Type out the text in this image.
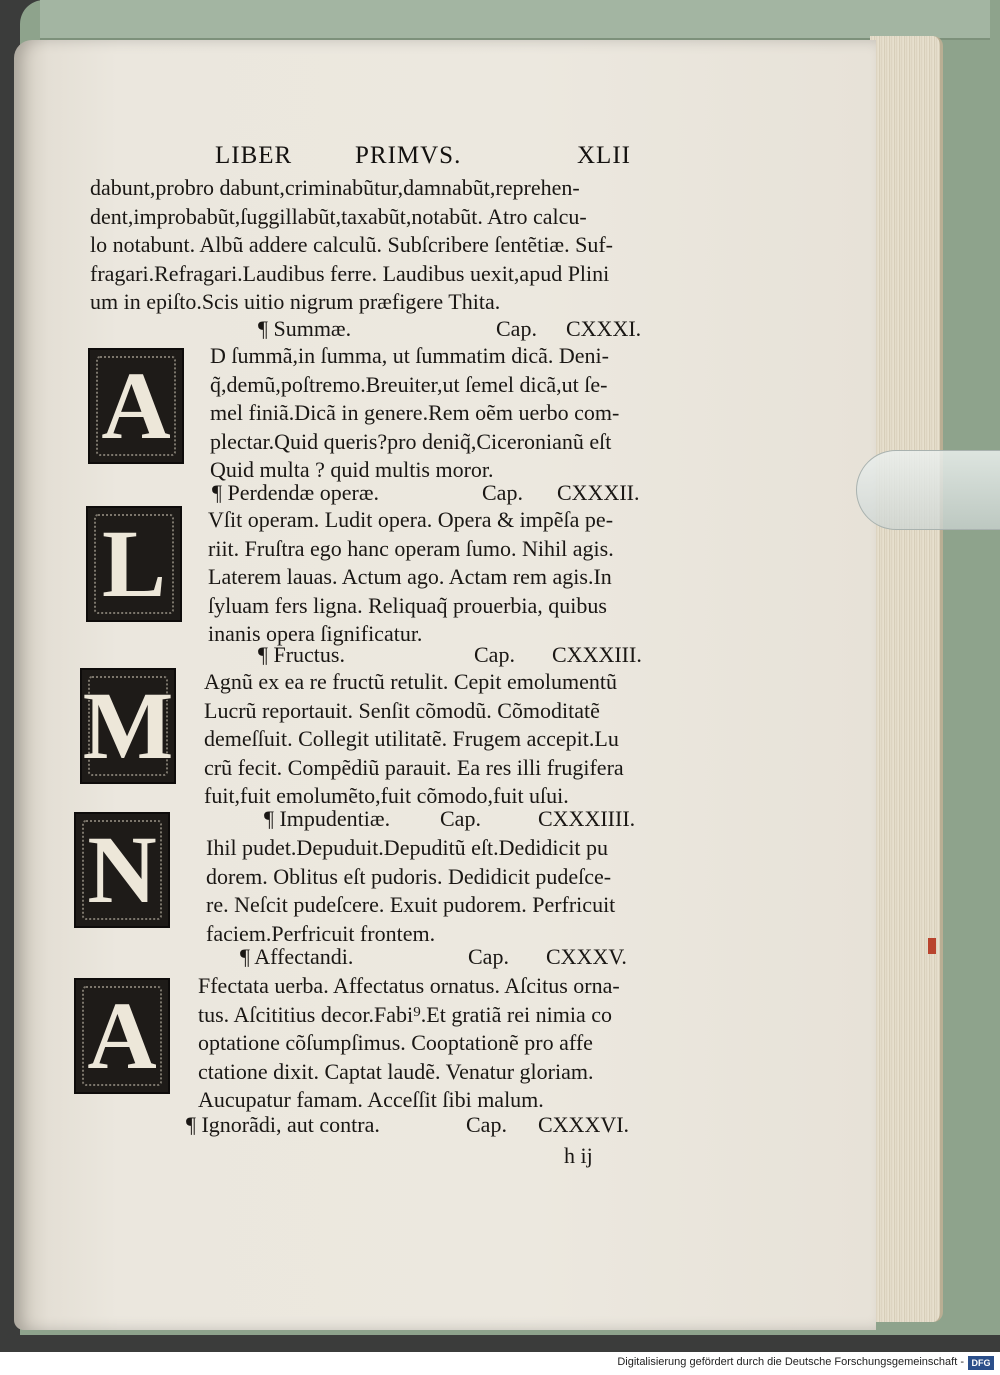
LIBER	PRIMVS.	XLII
dabunt,probro dabunt,criminabũtur,damnabũt,reprehen-
dent,improbabũt,ſuggillabũt,taxabũt,notabũt. Atro calcu-
lo notabunt. Albũ addere calculũ. Subſcribere ſentẽtiæ. Suf-
fragari.Refragari.Laudibus ferre. Laudibus uexit,apud Plini
um in epiſto.Scis uitio nigrum præfigere Thita.
¶ Summæ.	Cap. CXXXI.
A	D ſummã,in ſumma, ut ſummatim dicã. Deni-
q̃,demũ,poſtremo.Breuiter,ut ſemel dicã,ut ſe-
mel finiã.Dicã in genere.Rem oẽm uerbo com-
plectar.Quid queris?pro deniq̃,Ciceronianũ eſt
Quid multa ? quid multis moror.
¶ Perdendæ operæ.	Cap. CXXXII.
L	Vſit operam. Ludit opera. Opera & impẽſa pe-
riit. Fruſtra ego hanc operam ſumo. Nihil agis.
Laterem lauas. Actum ago. Actam rem agis.In
ſyluam fers ligna. Reliquaq̃ prouerbia, quibus
inanis opera ſignificatur.
¶ Fructus.	Cap. CXXXIII.
M Agnũ ex ea re fructũ retulit. Cepit emolumentũ
Lucrũ reportauit. Senſit cõmodũ. Cõmoditatẽ
demeſſuit. Collegit utilitatẽ. Frugem accepit.Lu
crũ fecit. Compẽdiũ parauit. Ea res illi frugifera
fuit,fuit emolumẽto,fuit cõmodo,fuit uſui.
¶ Impudentiæ. Cap.	CXXXIIII.
N	Ihil pudet.Depuduit.Depuditũ eſt.Dedidicit pu
dorem. Oblitus eſt pudoris. Dedidicit pudeſce-
re. Neſcit pudeſcere. Exuit pudorem. Perfricuit
faciem.Perfricuit frontem.
¶ Affectandi.	Cap. CXXXV.
A	Ffectata uerba. Affectatus ornatus. Aſcitus orna-
tus. Aſcititius decor.Fabi⁹.Et gratiã rei nimia co
optatione cõſumpſimus. Cooptationẽ pro affe
ctatione dixit. Captat laudẽ. Venatur gloriam.
Aucupatur famam. Acceſſit ſibi malum.
¶ Ignorãdi, aut contra.	Cap. CXXXVI.
h ij
Digitalisierung gefördert durch die Deutsche Forschungsgemeinschaft - DFG
